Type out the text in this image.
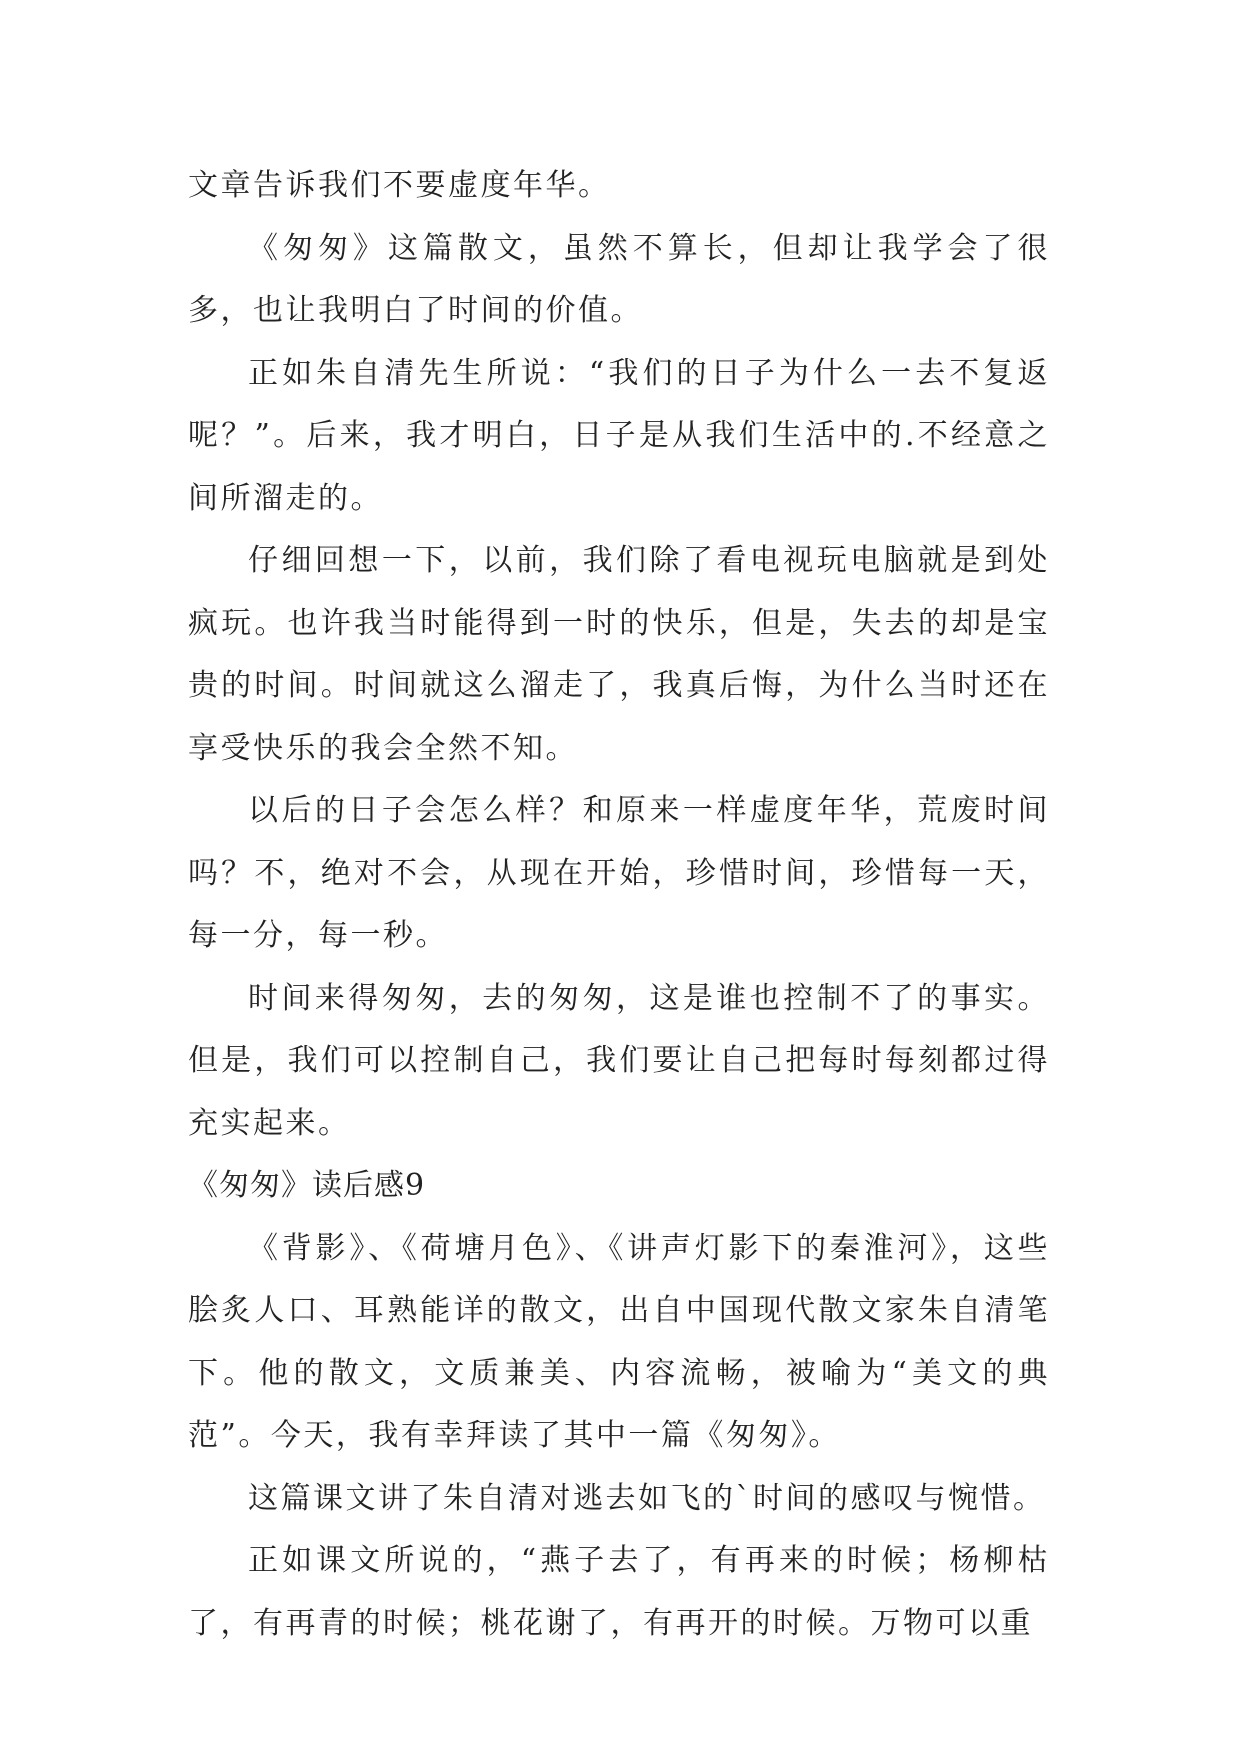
文章告诉我们不要虚度年华。

《匆匆》这篇散文，虽然不算长，但却让我学会了很多，也让我明白了时间的价值。

正如朱自清先生所说：“我们的日子为什么一去不复返呢？”。后来，我才明白，日子是从我们生活中的.不经意之间所溜走的。

仔细回想一下，以前，我们除了看电视玩电脑就是到处疯玩。也许我当时能得到一时的快乐，但是，失去的却是宝贵的时间。时间就这么溜走了，我真后悔，为什么当时还在享受快乐的我会全然不知。

以后的日子会怎么样？和原来一样虚度年华，荒废时间吗？不，绝对不会，从现在开始，珍惜时间，珍惜每一天，每一分，每一秒。

时间来得匆匆，去的匆匆，这是谁也控制不了的事实。但是，我们可以控制自己，我们要让自己把每时每刻都过得充实起来。

《匆匆》读后感9

《背影》、《荷塘月色》、《讲声灯影下的秦淮河》，这些脍炙人口、耳熟能详的散文，出自中国现代散文家朱自清笔下。他的散文，文质兼美、内容流畅，被喻为“美文的典范”。今天，我有幸拜读了其中一篇《匆匆》。

这篇课文讲了朱自清对逃去如飞的`时间的感叹与惋惜。

正如课文所说的，“燕子去了，有再来的时候；杨柳枯了，有再青的时候；桃花谢了，有再开的时候。万物可以重
